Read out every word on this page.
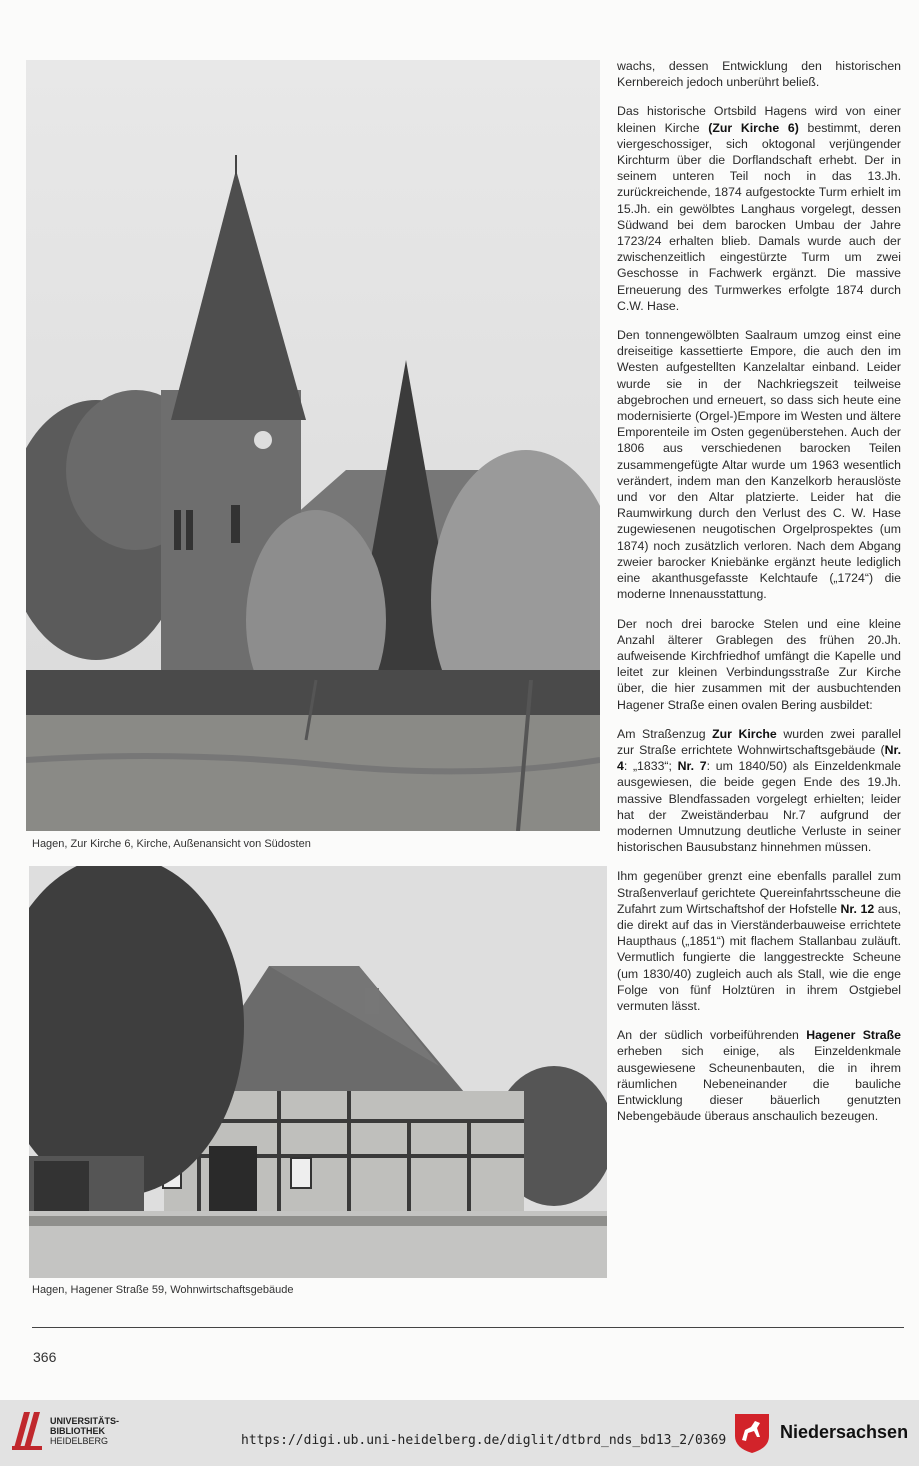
Hagen, Zur Kirche 6, Kirche, Außenansicht von Südosten
Hagen, Hagener Straße 59, Wohnwirtschaftsgebäude

wachs, dessen Entwicklung den historischen Kernbereich jedoch unberührt beließ.

Das historische Ortsbild Hagens wird von einer kleinen Kirche (Zur Kirche 6) bestimmt, deren viergeschossiger, sich oktogonal verjüngender Kirchturm über die Dorflandschaft erhebt. Der in seinem unteren Teil noch in das 13.Jh. zurückreichende, 1874 aufgestockte Turm erhielt im 15.Jh. ein gewölbtes Langhaus vorgelegt, dessen Südwand bei dem barocken Umbau der Jahre 1723/24 erhalten blieb. Damals wurde auch der zwischenzeitlich eingestürzte Turm um zwei Geschosse in Fachwerk ergänzt. Die massive Erneuerung des Turmwerkes erfolgte 1874 durch C.W. Hase.

Den tonnengewölbten Saalraum umzog einst eine dreiseitige kassettierte Empore, die auch den im Westen aufgestellten Kanzelaltar einband. Leider wurde sie in der Nachkriegszeit teilweise abgebrochen und erneuert, so dass sich heute eine modernisierte (Orgel-)Empore im Westen und ältere Emporenteile im Osten gegenüberstehen. Auch der 1806 aus verschiedenen barocken Teilen zusammengefügte Altar wurde um 1963 wesentlich verändert, indem man den Kanzelkorb herauslöste und vor den Altar platzierte. Leider hat die Raumwirkung durch den Verlust des C. W. Hase zugewiesenen neugotischen Orgelprospektes (um 1874) noch zusätzlich verloren. Nach dem Abgang zweier barocker Kniebänke ergänzt heute lediglich eine akanthusgefasste Kelchtaufe („1724“) die moderne Innenausstattung.

Der noch drei barocke Stelen und eine kleine Anzahl älterer Grablegen des frühen 20.Jh. aufweisende Kirchfriedhof umfängt die Kapelle und leitet zur kleinen Verbindungsstraße Zur Kirche über, die hier zusammen mit der ausbuchtenden Hagener Straße einen ovalen Bering ausbildet:

Am Straßenzug Zur Kirche wurden zwei parallel zur Straße errichtete Wohnwirtschaftsgebäude (Nr. 4: „1833“; Nr. 7: um 1840/50) als Einzeldenkmale ausgewiesen, die beide gegen Ende des 19.Jh. massive Blendfassaden vorgelegt erhielten; leider hat der Zweiständerbau Nr.7 aufgrund der modernen Umnutzung deutliche Verluste in seiner historischen Bausubstanz hinnehmen müssen.

Ihm gegenüber grenzt eine ebenfalls parallel zum Straßenverlauf gerichtete Quereinfahrtsscheune die Zufahrt zum Wirtschaftshof der Hofstelle Nr. 12 aus, die direkt auf das in Vierständerbauweise errichtete Haupthaus („1851“) mit flachem Stallanbau zuläuft. Vermutlich fungierte die langgestreckte Scheune (um 1830/40) zugleich auch als Stall, wie die enge Folge von fünf Holztüren in ihrem Ostgiebel vermuten lässt.

An der südlich vorbeiführenden Hagener Straße erheben sich einige, als Einzeldenkmale ausgewiesene Scheunenbauten, die in ihrem räumlichen Nebeneinander die bauliche Entwicklung dieser bäuerlich genutzten Nebengebäude überaus anschaulich bezeugen.

366
UNIVERSITÄTS-
BIBLIOTHEK
HEIDELBERG	https://digi.ub.uni-heidelberg.de/diglit/dtbrd_nds_bd13_2/0369	Niedersachsen
